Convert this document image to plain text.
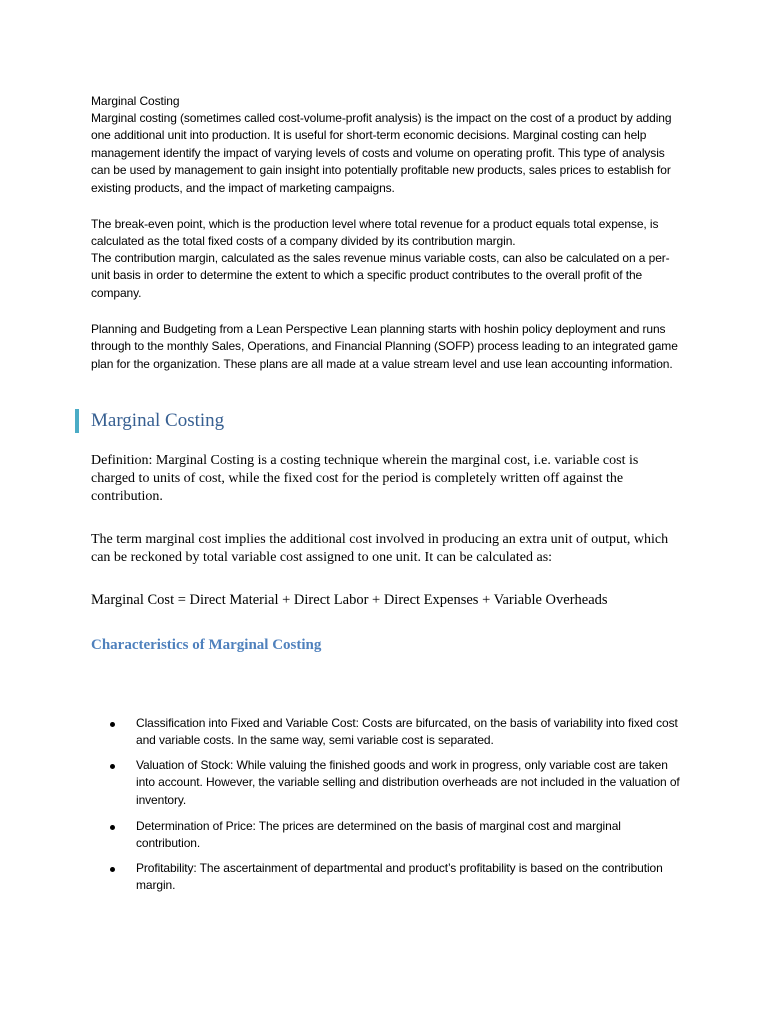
Marginal Costing
Marginal costing (sometimes called cost-volume-profit analysis) is the impact on the cost of a product by adding one additional unit into production. It is useful for short-term economic decisions. Marginal costing can help management identify the impact of varying levels of costs and volume on operating profit. This type of analysis can be used by management to gain insight into potentially profitable new products, sales prices to establish for existing products, and the impact of marketing campaigns.
The break-even point, which is the production level where total revenue for a product equals total expense, is calculated as the total fixed costs of a company divided by its contribution margin.
The contribution margin, calculated as the sales revenue minus variable costs, can also be calculated on a per-unit basis in order to determine the extent to which a specific product contributes to the overall profit of the company.
Planning and Budgeting from a Lean Perspective Lean planning starts with hoshin policy deployment and runs through to the monthly Sales, Operations, and Financial Planning (SOFP) process leading to an integrated game plan for the organization. These plans are all made at a value stream level and use lean accounting information.
Marginal Costing
Definition: Marginal Costing is a costing technique wherein the marginal cost, i.e. variable cost is charged to units of cost, while the fixed cost for the period is completely written off against the contribution.
The term marginal cost implies the additional cost involved in producing an extra unit of output, which can be reckoned by total variable cost assigned to one unit. It can be calculated as:
Marginal Cost = Direct Material + Direct Labor + Direct Expenses + Variable Overheads
Characteristics of Marginal Costing
Classification into Fixed and Variable Cost: Costs are bifurcated, on the basis of variability into fixed cost and variable costs. In the same way, semi variable cost is separated.
Valuation of Stock: While valuing the finished goods and work in progress, only variable cost are taken into account. However, the variable selling and distribution overheads are not included in the valuation of inventory.
Determination of Price: The prices are determined on the basis of marginal cost and marginal contribution.
Profitability: The ascertainment of departmental and product’s profitability is based on the contribution margin.
